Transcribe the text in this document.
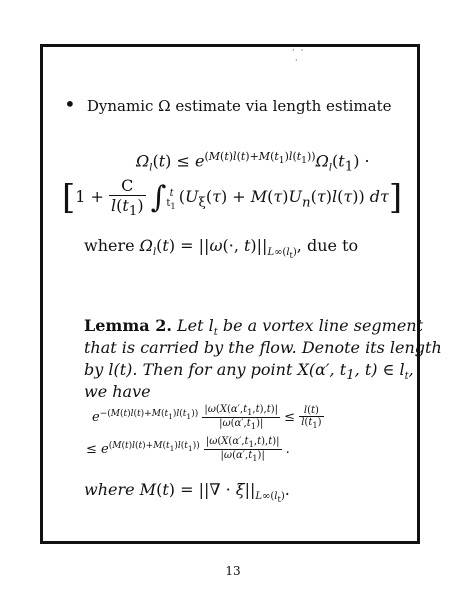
·  ·
·
• Dynamic Ω estimate via length estimate
$\Omega_l(t) \le e^{(M(t)l(t)+M(t_1)l(t_1))}\Omega_l(t_1)$ ·
[$1 + \frac{C}{l(t_1)} \int_{t_1}^t$ $(U_\xi(\tau) + M(\tau)U_n(\tau)l(\tau))$ dτ]
where $\Omega_l(t) = ||\omega(\cdot$, $t)||_{L\infty(l_t)}$, due to
Lemma 2. Let $l_t$ be a vortex line segment
that is carried by the flow. Denote its length
by l(t). Then for any point X(α′, $t_1$, t) ∈ $l_t$,
we have
$e^{-(M(t)l(t)+M(t_1)l(t_1))} \frac{|\omega(X(\alpha',t_1,t),t)|}{|\omega(\alpha',t_1)|} \le \frac{l(t)}{l(t_1)}$
≤ $e^{(M(t)l(t)+M(t_1)l(t_1))} \frac{|\omega(X(\alpha',t_1,t),t)|}{|\omega(\alpha',t_1)|}$ .
where M(t) = ||∇ · $\xi||_{L\infty(l_t)}$.
13
